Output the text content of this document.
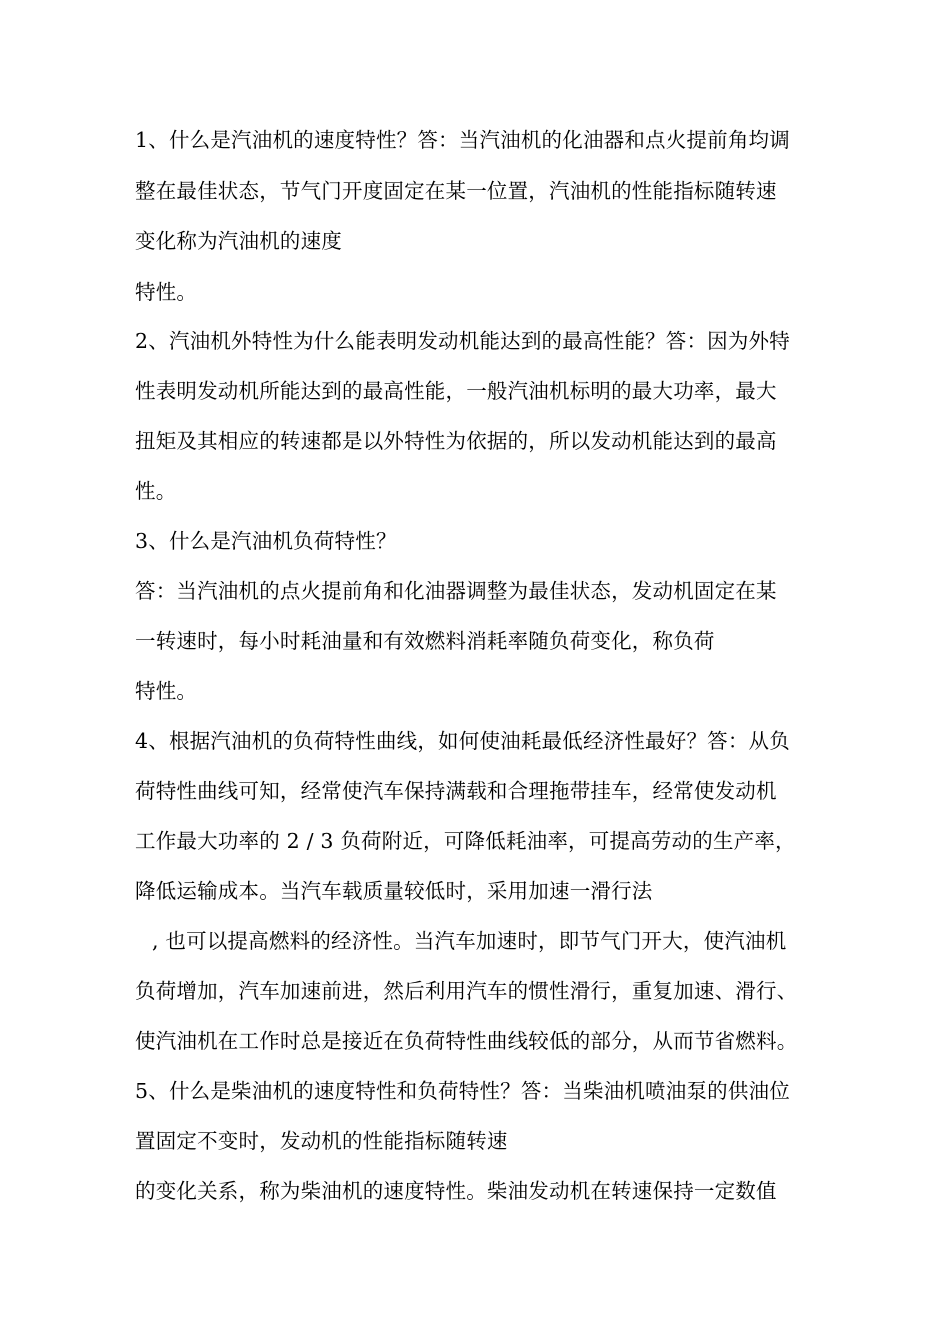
1、什么是汽油机的速度特性？答：当汽油机的化油器和点火提前角均调
整在最佳状态，节气门开度固定在某一位置，汽油机的性能指标随转速
变化称为汽油机的速度
特性。
2、汽油机外特性为什么能表明发动机能达到的最高性能？答：因为外特
性表明发动机所能达到的最高性能，一般汽油机标明的最大功率，最大
扭矩及其相应的转速都是以外特性为依据的，所以发动机能达到的最高
性。
3、什么是汽油机负荷特性？
答：当汽油机的点火提前角和化油器调整为最佳状态，发动机固定在某
一转速时，每小时耗油量和有效燃料消耗率随负荷变化，称负荷
特性。
4、根据汽油机的负荷特性曲线，如何使油耗最低经济性最好？答：从负
荷特性曲线可知，经常使汽车保持满载和合理拖带挂车，经常使发动机
工作最大功率的 2 / 3 负荷附近，可降低耗油率，可提高劳动的生产率，
降低运输成本。当汽车载质量较低时，采用加速一滑行法
, 也可以提高燃料的经济性。当汽车加速时，即节气门开大，使汽油机
负荷增加，汽车加速前进，然后利用汽车的惯性滑行，重复加速、滑行、
使汽油机在工作时总是接近在负荷特性曲线较低的部分，从而节省燃料。
5、什么是柴油机的速度特性和负荷特性？答：当柴油机喷油泵的供油位
置固定不变时，发动机的性能指标随转速
的变化关系，称为柴油机的速度特性。柴油发动机在转速保持一定数值
